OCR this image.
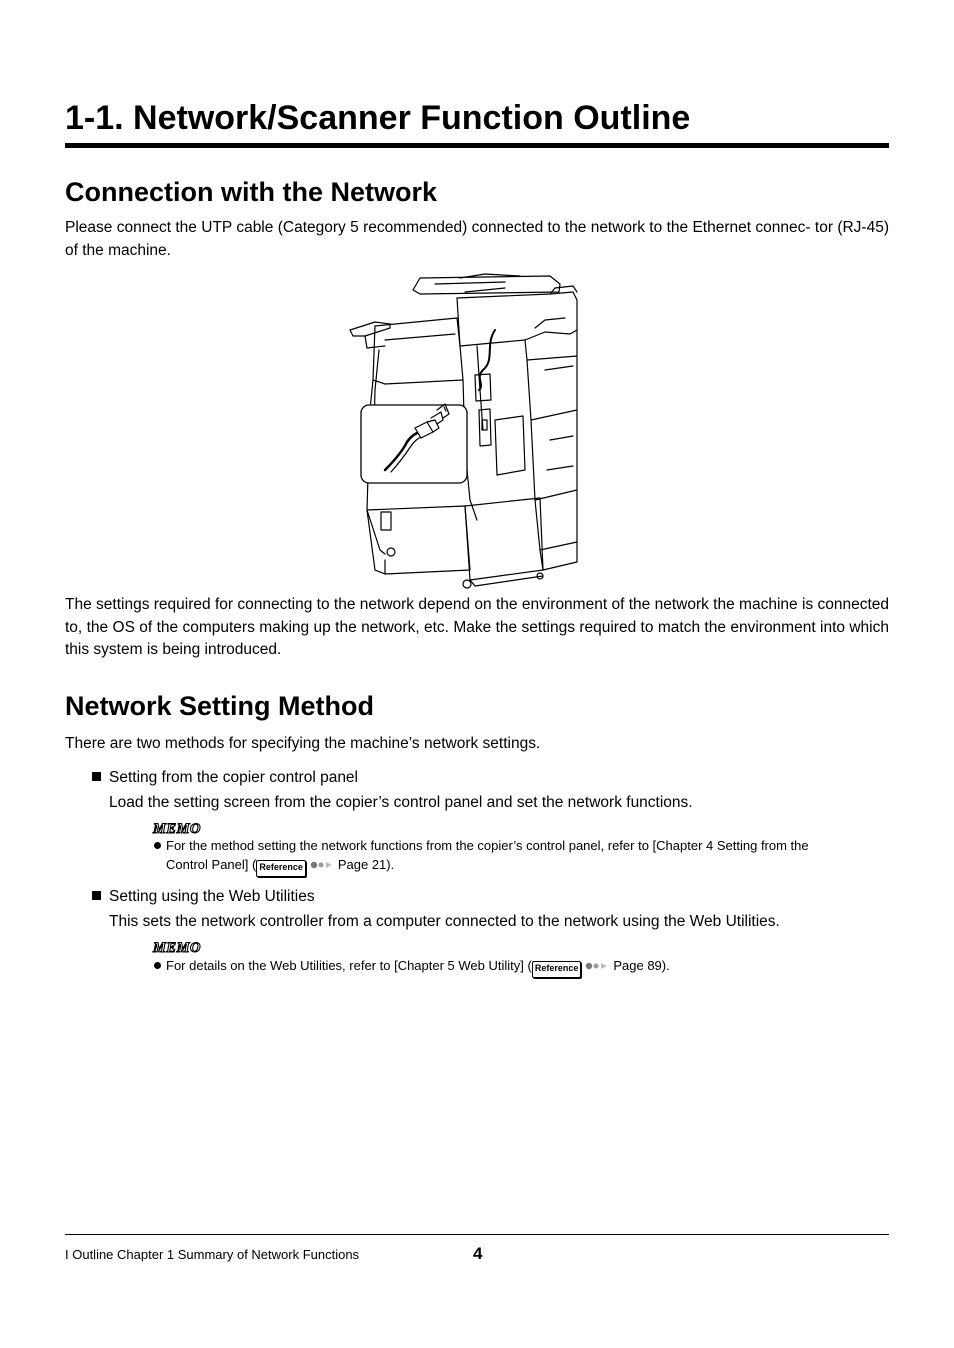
1-1. Network/Scanner Function Outline
Connection with the Network

Please connect the UTP cable (Category 5 recommended) connected to the network to the Ethernet connec- tor (RJ-45) of the machine.

The settings required for connecting to the network depend on the environment of the network the machine is connected to, the OS of the computers making up the network, etc. Make the settings required to match the environment into which this system is being introduced.

Network Setting Method

There are two methods for specifying the machine’s network settings.

Setting from the copier control panel
Load the setting screen from the copier’s control panel and set the network functions.
MEMO
For the method setting the network functions from the copier’s control panel, refer to [Chapter 4 Setting from the
Control Panel] ( Reference	Page 21).
Setting using the Web Utilities
This sets the network controller from a computer connected to the network using the Web Utilities.
MEMO
For details on the Web Utilities, refer to [Chapter 5 Web Utility] ( Reference	Page 89).
I Outline Chapter 1 Summary of Network Functions	4
